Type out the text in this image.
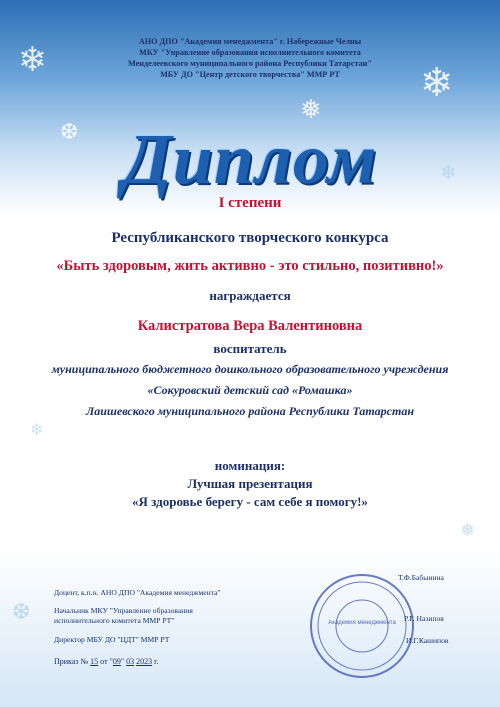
❄	❄
❅
❆
❄
❄
❅
❆
АНО ДПО "Академия менеджмента" г. Набережные Челны
МКУ "Управление образования исполнительного комитета
Менделеевского муниципального района Республики Татарстан"
МБУ ДО "Центр детского творчества" ММР РТ
Диплом
I степени
Республиканского творческого конкурса
«Быть здоровым, жить активно - это стильно, позитивно!»
награждается
Калистратова Вера Валентиновна
воспитатель
муниципального бюджетного дошкольного образовательного учреждения
«Сокуровский детский сад «Ромашка»
Лаишевского муниципального района Республики Татарстан
номинация:
Лучшая презентация
«Я здоровье берегу - сам себе я помогу!»
Академия менеджмента
Доцент, к.п.н. АНО ДПО "Академия менеджмента"
Т.Ф.Бабынина
Начальник МКУ "Управление образования
исполнительного комитета ММР РТ"	Р.Г. Назипов
Директор МБУ ДО "ЦДТ" ММР РТ	И.Г.Кашипов
Приказ № 15 от "09" 03 2023 г.
